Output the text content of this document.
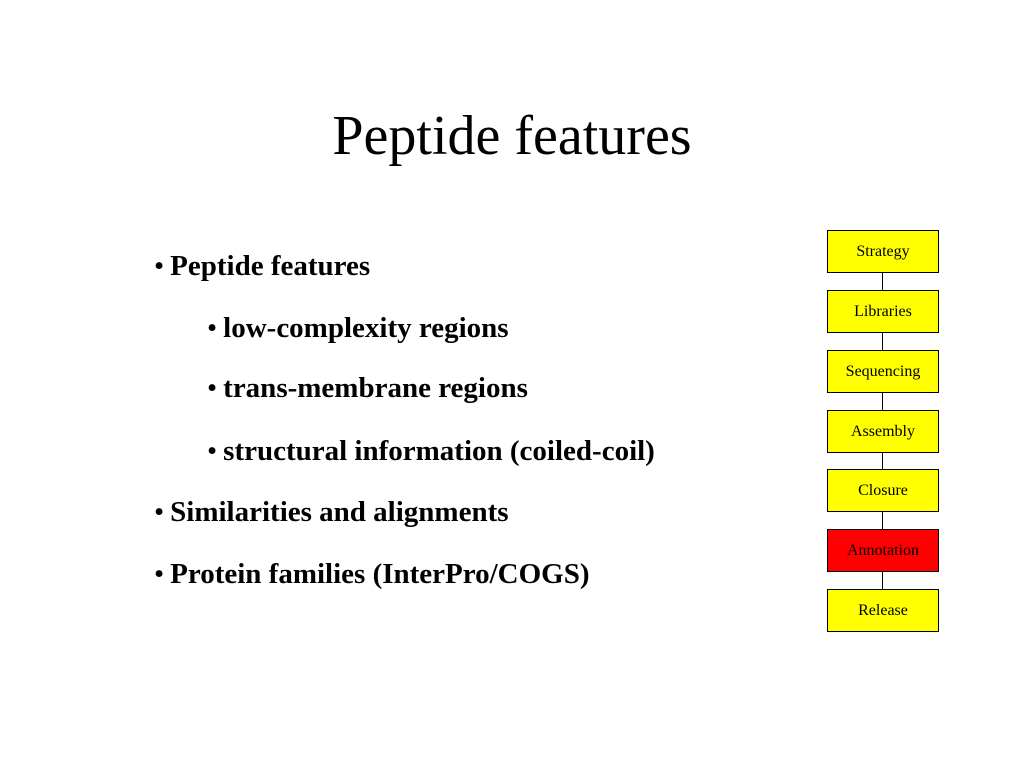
Peptide features
• Peptide features
• low-complexity regions
• trans-membrane regions
• structural information (coiled-coil)
• Similarities and alignments
• Protein families (InterPro/COGS)
Strategy
Libraries
Sequencing
Assembly
Closure
Annotation
Release
